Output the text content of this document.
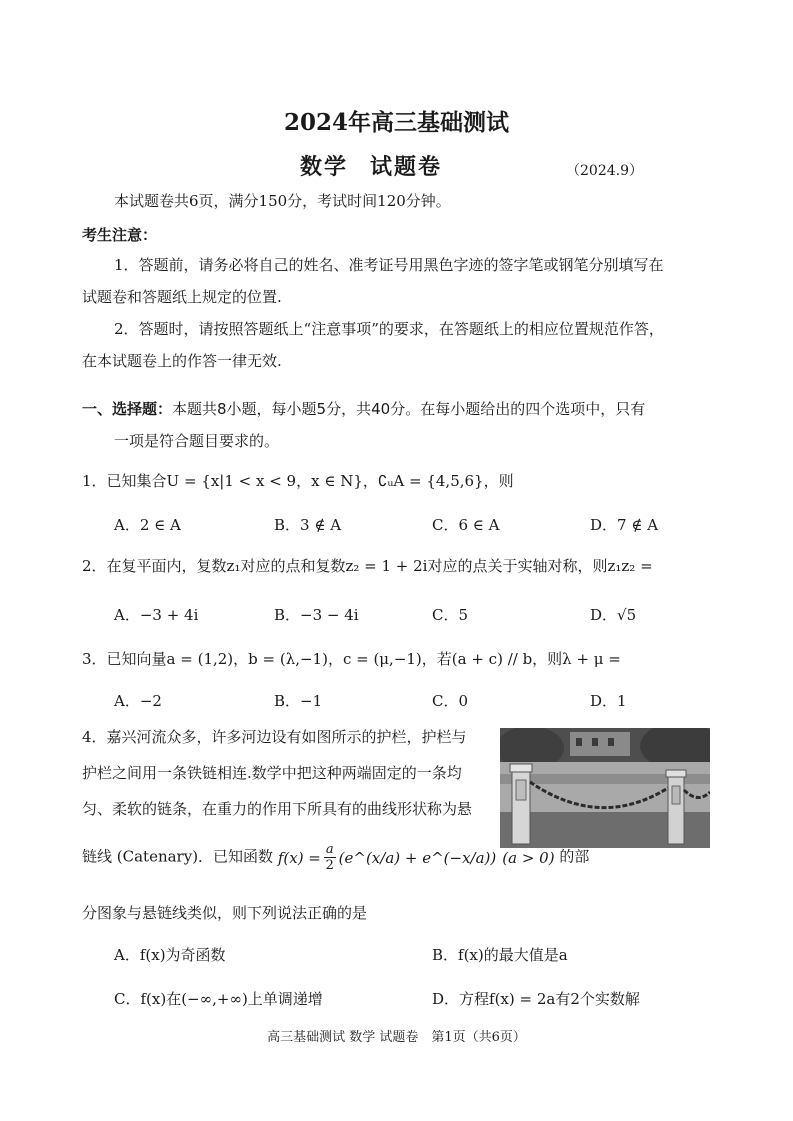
2024年高三基础测试
数学 试题卷	（2024.9）
本试题卷共6页，满分150分，考试时间120分钟。
考生注意：
1．答题前，请务必将自己的姓名、准考证号用黑色字迹的签字笔或钢笔分别填写在
试题卷和答题纸上规定的位置.
2．答题时，请按照答题纸上“注意事项”的要求，在答题纸上的相应位置规范作答，
在本试题卷上的作答一律无效.
一、选择题：本题共8小题，每小题5分，共40分。在每小题给出的四个选项中，只有
一项是符合题目要求的。
1．已知集合U = {x|1 < x < 9，x ∈ N}，∁ᵤA = {4,5,6}，则
A．2 ∈ A	B．3 ∉ A	C．6 ∈ A	D．7 ∉ A
2．在复平面内，复数z₁对应的点和复数z₂ = 1 + 2i对应的点关于实轴对称，则z₁z₂ =
A．−3 + 4i	B．−3 − 4i	C．5	D．√5
3．已知向量a = (1,2)，b = (λ,−1)，c = (μ,−1)，若(a + c) // b，则λ + μ =
A．−2	B．−1	C．0	D．1
4．嘉兴河流众多，许多河边设有如图所示的护栏，护栏与
护栏之间用一条铁链相连.数学中把这种两端固定的一条均
匀、柔软的链条，在重力的作用下所具有的曲线形状称为悬
链线 (Catenary)．已知函数 $f(x) = \frac{a}{2}$ (e^(x/a) + e^(−x/a)) (a > 0) 的部
分图象与悬链线类似，则下列说法正确的是
A．f(x)为奇函数	B．f(x)的最大值是a
C．f(x)在(−∞,+∞)上单调递增	D．方程f(x) = 2a有2个实数解
高三基础测试 数学 试题卷　第1页（共6页）
